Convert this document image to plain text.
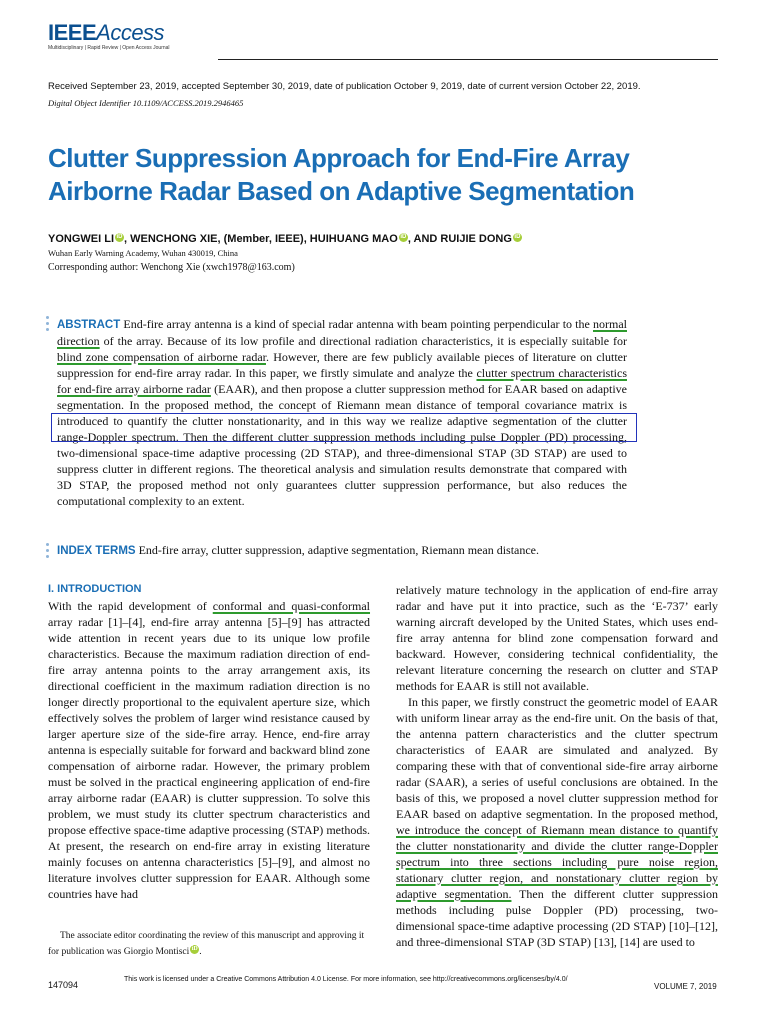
IEEEAccess
Multidisciplinary | Rapid Review | Open Access Journal
Received September 23, 2019, accepted September 30, 2019, date of publication October 9, 2019, date of current version October 22, 2019.
Digital Object Identifier 10.1109/ACCESS.2019.2946465
Clutter Suppression Approach for End-Fire Array Airborne Radar Based on Adaptive Segmentation
YONGWEI LI iD , WENCHONG XIE, (Member, IEEE), HUIHUANG MAO iD , AND RUIJIE DONG iD
Wuhan Early Warning Academy, Wuhan 430019, China
Corresponding author: Wenchong Xie (xwch1978@163.com)
ABSTRACT End-fire array antenna is a kind of special radar antenna with beam pointing perpendicular to the normal direction of the array. Because of its low profile and directional radiation characteristics, it is especially suitable for blind zone compensation of airborne radar. However, there are few publicly available pieces of literature on clutter suppression for end-fire array radar. In this paper, we firstly simulate and analyze the clutter spectrum characteristics for end-fire array airborne radar (EAAR), and then propose a clutter suppression method for EAAR based on adaptive segmentation. In the proposed method, the concept of Riemann mean distance of temporal covariance matrix is introduced to quantify the clutter nonstationarity, and in this way we realize adaptive segmentation of the clutter range-Doppler spectrum. Then the different clutter suppression methods including pulse Doppler (PD) processing, two-dimensional space-time adaptive processing (2D STAP), and three-dimensional STAP (3D STAP) are used to suppress clutter in different regions. The theoretical analysis and simulation results demonstrate that compared with 3D STAP, the proposed method not only guarantees clutter suppression performance, but also reduces the computational complexity to an extent.
INDEX TERMS End-fire array, clutter suppression, adaptive segmentation, Riemann mean distance.
I. INTRODUCTION

With the rapid development of conformal and quasi-conformal array radar [1]–[4], end-fire array antenna [5]–[9] has attracted wide attention in recent years due to its unique low profile characteristics. Because the maximum radiation direction of end-fire array antenna points to the array arrangement axis, its directional coefficient in the maximum radiation direction is no longer directly proportional to the equivalent aperture size, which effectively solves the problem of larger wind resistance caused by larger aperture size of the side-fire array. Hence, end-fire array antenna is especially suitable for forward and backward blind zone compensation of airborne radar. However, the primary problem must be solved in the practical engineering application of end-fire array airborne radar (EAAR) is clutter suppression. To solve this problem, we must study its clutter spectrum characteristics and propose effective space-time adaptive processing (STAP) methods. At present, the research on end-fire array in existing literature mainly focuses on antenna characteristics [5]–[9], and almost no literature involves clutter suppression for EAAR. Although some countries have had

The associate editor coordinating the review of this manuscript and approving it for publication was Giorgio Montisci iD .

relatively mature technology in the application of end-fire array radar and have put it into practice, such as the ‘E-737’ early warning aircraft developed by the United States, which uses end-fire array antenna for blind zone compensation forward and backward. However, considering technical confidentiality, the relevant literature concerning the research on clutter and STAP methods for EAAR is still not available.

In this paper, we firstly construct the geometric model of EAAR with uniform linear array as the end-fire unit. On the basis of that, the antenna pattern characteristics and the clutter spectrum characteristics of EAAR are simulated and analyzed. By comparing these with that of conventional side-fire array airborne radar (SAAR), a series of useful conclusions are obtained. In the basis of this, we proposed a novel clutter suppression method for EAAR based on adaptive segmentation. In the proposed method, we introduce the concept of Riemann mean distance to quantify the clutter nonstationarity and divide the clutter range-Doppler spectrum into three sections including pure noise region, stationary clutter region, and nonstationary clutter region by adaptive segmentation. Then the different clutter suppression methods including pulse Doppler (PD) processing, two-dimensional space-time adaptive processing (2D STAP) [10]–[12], and three-dimensional STAP (3D STAP) [13], [14] are used to

147094
This work is licensed under a Creative Commons Attribution 4.0 License. For more information, see http://creativecommons.org/licenses/by/4.0/
VOLUME 7, 2019
